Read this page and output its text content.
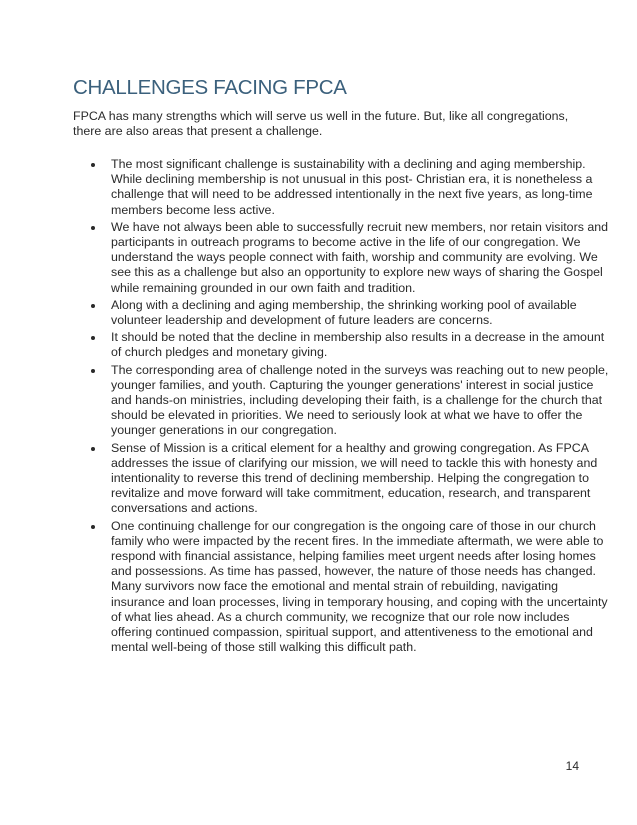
CHALLENGES FACING FPCA

FPCA has many strengths which will serve us well in the future. But, like all congregations, there are also areas that present a challenge.

The most significant challenge is sustainability with a declining and aging membership. While declining membership is not unusual in this post- Christian era, it is nonetheless a challenge that will need to be addressed intentionally in the next five years, as long-time members become less active.
We have not always been able to successfully recruit new members, nor retain visitors and participants in outreach programs to become active in the life of our congregation. We understand the ways people connect with faith, worship and community are evolving. We see this as a challenge but also an opportunity to explore new ways of sharing the Gospel while remaining grounded in our own faith and tradition.
Along with a declining and aging membership, the shrinking working pool of available volunteer leadership and development of future leaders are concerns.
It should be noted that the decline in membership also results in a decrease in the amount of church pledges and monetary giving.
The corresponding area of challenge noted in the surveys was reaching out to new people, younger families, and youth. Capturing the younger generations' interest in social justice and hands-on ministries, including developing their faith, is a challenge for the church that should be elevated in priorities. We need to seriously look at what we have to offer the younger generations in our congregation.
Sense of Mission is a critical element for a healthy and growing congregation. As FPCA addresses the issue of clarifying our mission, we will need to tackle this with honesty and intentionality to reverse this trend of declining membership. Helping the congregation to revitalize and move forward will take commitment, education, research, and transparent conversations and actions.
One continuing challenge for our congregation is the ongoing care of those in our church family who were impacted by the recent fires. In the immediate aftermath, we were able to respond with financial assistance, helping families meet urgent needs after losing homes and possessions. As time has passed, however, the nature of those needs has changed. Many survivors now face the emotional and mental strain of rebuilding, navigating insurance and loan processes, living in temporary housing, and coping with the uncertainty of what lies ahead. As a church community, we recognize that our role now includes offering continued compassion, spiritual support, and attentiveness to the emotional and mental well-being of those still walking this difficult path.
14
